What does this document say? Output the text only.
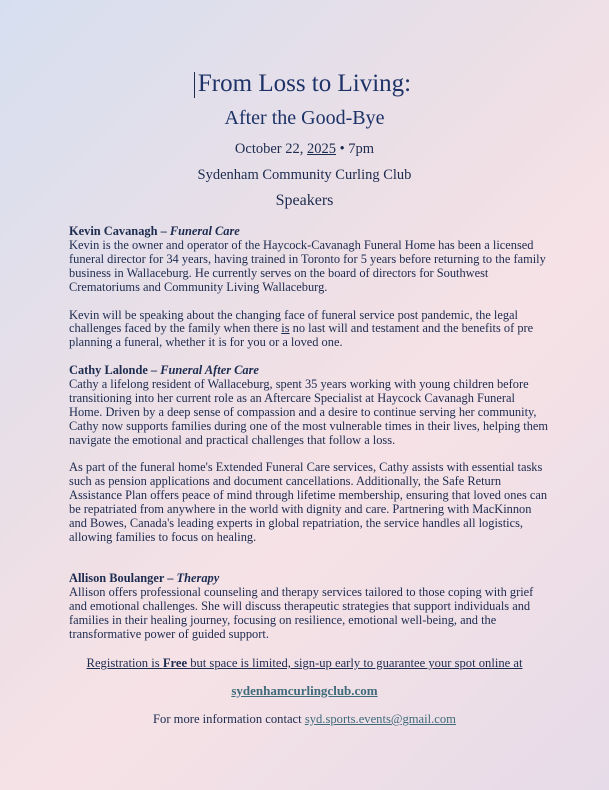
From Loss to Living:
After the Good-Bye
October 22, 2025 • 7pm
Sydenham Community Curling Club
Speakers
Kevin Cavanagh – Funeral Care

Kevin is the owner and operator of the Haycock-Cavanagh Funeral Home has been a licensed funeral director for 34 years, having trained in Toronto for 5 years before returning to the family business in Wallaceburg. He currently serves on the board of directors for Southwest Crematoriums and Community Living Wallaceburg.

Kevin will be speaking about the changing face of funeral service post pandemic, the legal challenges faced by the family when there is no last will and testament and the benefits of pre planning a funeral, whether it is for you or a loved one.

Cathy Lalonde – Funeral After Care

Cathy a lifelong resident of Wallaceburg, spent 35 years working with young children before transitioning into her current role as an Aftercare Specialist at Haycock Cavanagh Funeral Home. Driven by a deep sense of compassion and a desire to continue serving her community, Cathy now supports families during one of the most vulnerable times in their lives, helping them navigate the emotional and practical challenges that follow a loss.

As part of the funeral home's Extended Funeral Care services, Cathy assists with essential tasks such as pension applications and document cancellations. Additionally, the Safe Return Assistance Plan offers peace of mind through lifetime membership, ensuring that loved ones can be repatriated from anywhere in the world with dignity and care. Partnering with MacKinnon and Bowes, Canada's leading experts in global repatriation, the service handles all logistics, allowing families to focus on healing.

Allison Boulanger – Therapy

Allison offers professional counseling and therapy services tailored to those coping with grief and emotional challenges. She will discuss therapeutic strategies that support individuals and families in their healing journey, focusing on resilience, emotional well-being, and the transformative power of guided support.

Registration is Free but space is limited, sign-up early to guarantee your spot online at
sydenhamcurlingclub.com
For more information contact syd.sports.events@gmail.com
